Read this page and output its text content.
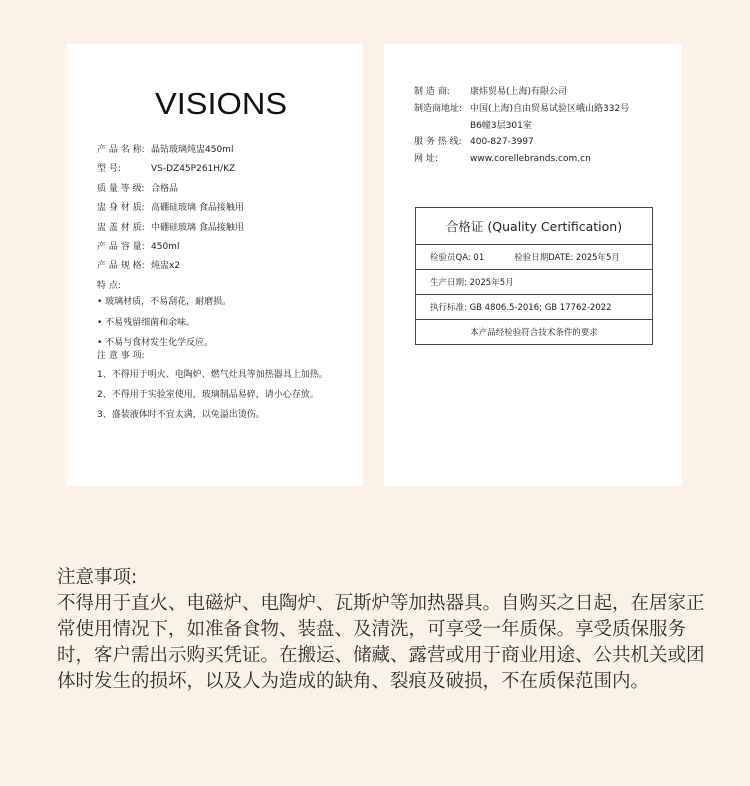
VISIONS
产 品 名 称: 晶钻玻璃炖盅450ml
型 号:	VS-DZ45P261H/KZ
质 量 等 级: 合格品
盅 身 材 质: 高硼硅玻璃 食品接触用
盅 盖 材 质: 中硼硅玻璃 食品接触用
产 品 容 量: 450ml
产 品 规 格: 炖盅x2
特 点:
• 玻璃材质，不易刮花，耐磨损。
• 不易残留细菌和余味。
• 不易与食材发生化学反应。
注 意 事 项:
1、不得用于明火、电陶炉、燃气灶具等加热器具上加热。
2、不得用于实验室使用，玻璃制品易碎，请小心存放。
3、盛装液体时不宜太满，以免溢出烫伤。
制 造 商:	康炜贸易(上海)有限公司
制造商地址: 中国(上海)自由贸易试验区峨山路332号
B6幢3层301室
服 务 热 线: 400-827-3997
网 址:	www.corellebrands.com.cn
合格证 (Quality Certification)
检验员QA: 01	检验日期DATE: 2025年5月
生产日期: 2025年5月
执行标准: GB 4806.5-2016; GB 17762-2022
本产品经检验符合技术条件的要求
注意事项:
不得用于直火、电磁炉、电陶炉、瓦斯炉等加热器具。自购买之日起，在居家正常使用情况下，如准备食物、装盘、及清洗，可享受一年质保。享受质保服务时，客户需出示购买凭证。在搬运、储藏、露营或用于商业用途、公共机关或团体时发生的损坏，以及人为造成的缺角、裂痕及破损，不在质保范围内。
